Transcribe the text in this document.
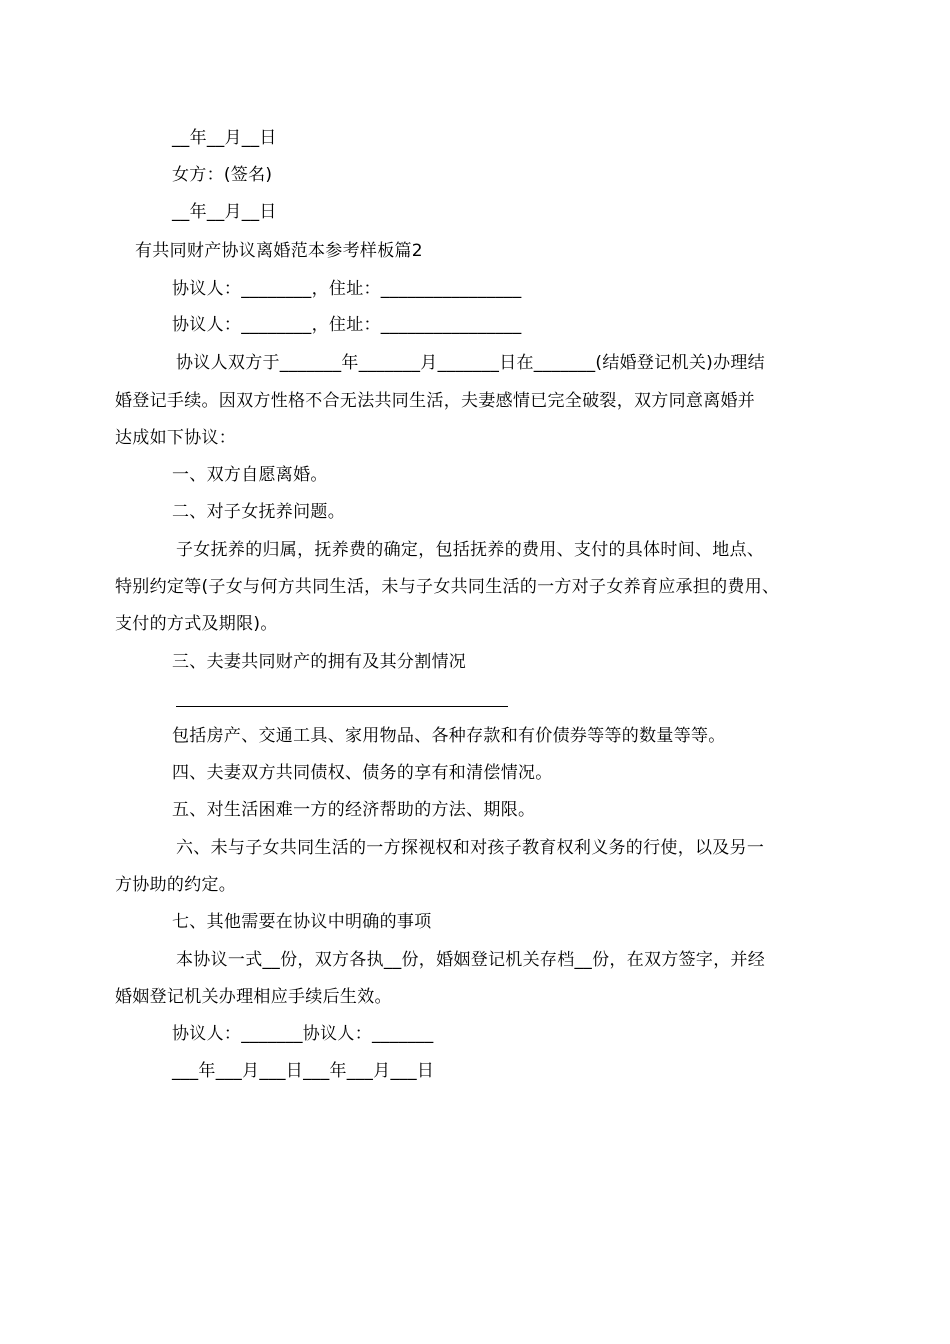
__年__月__日
女方：(签名)
__年__月__日
有共同财产协议离婚范本参考样板篇2
协议人：________，住址：________________
协议人：________，住址：________________
协议人双方于_______年_______月_______日在_______(结婚登记机关)办理结
婚登记手续。因双方性格不合无法共同生活，夫妻感情已完全破裂，双方同意离婚并
达成如下协议：
一、双方自愿离婚。
二、对子女抚养问题。
子女抚养的归属，抚养费的确定，包括抚养的费用、支付的具体时间、地点、
特别约定等(子女与何方共同生活，未与子女共同生活的一方对子女养育应承担的费用、
支付的方式及期限)。
三、夫妻共同财产的拥有及其分割情况
包括房产、交通工具、家用物品、各种存款和有价债券等等的数量等等。
四、夫妻双方共同债权、债务的享有和清偿情况。
五、对生活困难一方的经济帮助的方法、期限。
六、未与子女共同生活的一方探视权和对孩子教育权利义务的行使，以及另一
方协助的约定。
七、其他需要在协议中明确的事项
本协议一式__份，双方各执__份，婚姻登记机关存档__份，在双方签字，并经
婚姻登记机关办理相应手续后生效。
协议人：_______协议人：_______
___年___月___日___年___月___日
